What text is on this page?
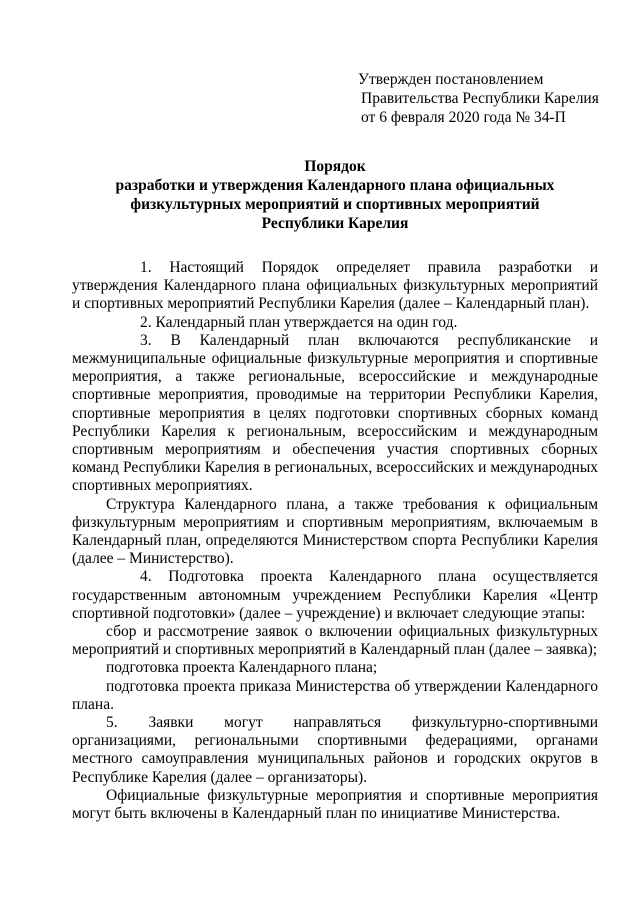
Утвержден постановлением
Правительства Республики Карелия
от 6 февраля 2020 года № 34-П
Порядок
разработки и утверждения Календарного плана официальных
физкультурных мероприятий и спортивных мероприятий
Республики Карелия

1. Настоящий Порядок определяет правила разработки и утверждения Календарного плана официальных физкультурных мероприятий и спортивных мероприятий Республики Карелия (далее – Календарный план).

2. Календарный план утверждается на один год.

3. В Календарный план включаются республиканские и межмуниципальные официальные физкультурные мероприятия и спортивные мероприятия, а также региональные, всероссийские и международные спортивные мероприятия, проводимые на территории Республики Карелия, спортивные мероприятия в целях подготовки спортивных сборных команд Республики Карелия к региональным, всероссийским и международным спортивным мероприятиям и обеспечения участия спортивных сборных команд Республики Карелия в региональных, всероссийских и международных спортивных мероприятиях.

Структура Календарного плана, а также требования к официальным физкультурным мероприятиям и спортивным мероприятиям, включаемым в Календарный план, определяются Министерством спорта Республики Карелия (далее – Министерство).

4. Подготовка проекта Календарного плана осуществляется государственным автономным учреждением Республики Карелия «Центр спортивной подготовки» (далее – учреждение) и включает следующие этапы:

сбор и рассмотрение заявок о включении официальных физкультурных мероприятий и спортивных мероприятий в Календарный план (далее – заявка);

подготовка проекта Календарного плана;

подготовка проекта приказа Министерства об утверждении Календарного плана.

5. Заявки могут направляться физкультурно-спортивными организациями, региональными спортивными федерациями, органами местного самоуправления муниципальных районов и городских округов в Республике Карелия (далее – организаторы).

Официальные физкультурные мероприятия и спортивные мероприятия могут быть включены в Календарный план по инициативе Министерства.
